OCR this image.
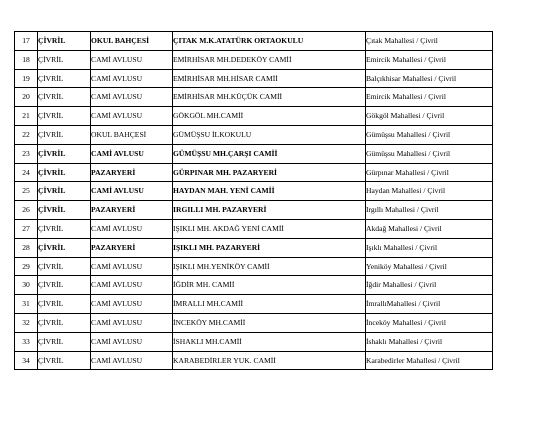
17	ÇİVRİL	OKUL BAHÇESİ	ÇITAK M.K.ATATÜRK ORTAOKULU	Çıtak Mahallesi / Çivril
18	ÇİVRİL	CAMİ AVLUSU	EMİRHİSAR MH.DEDEKÖY CAMİİ	Emircik Mahallesi / Çivril
19	ÇİVRİL	CAMİ AVLUSU	EMİRHİSAR MH.HİSAR CAMİİ	Balçıkhisar Mahallesi / Çivril
20	ÇİVRİL	CAMİ AVLUSU	EMİRHİSAR MH.KÜÇÜK CAMİİ	Emircik Mahallesi / Çivril
21	ÇİVRİL	CAMİ AVLUSU	GÖKGÖL MH.CAMİİ	Gökgöl Mahallesi / Çivril
22	ÇİVRİL	OKUL BAHÇESİ	GÜMÜŞSU İLKOKULU	Gümüşsu Mahallesi / Çivril
23	ÇİVRİL	CAMİ AVLUSU	GÜMÜŞSU MH.ÇARŞI CAMİİ	Gümüşsu Mahallesi / Çivril
24	ÇİVRİL	PAZARYERİ	GÜRPINAR MH. PAZARYERİ	Gürpınar Mahallesi / Çivril
25	ÇİVRİL	CAMİ AVLUSU	HAYDAN MAH. YENİ CAMİİ	Haydan Mahallesi / Çivril
26	ÇİVRİL	PAZARYERİ	IRGILLI MH. PAZARYERİ	Irgıllı Mahallesi / Çivril
27	ÇİVRİL	CAMİ AVLUSU	IŞIKLI MH. AKDAĞ YENİ CAMİİ	Akdağ Mahallesi / Çivril
28	ÇİVRİL	PAZARYERİ	IŞIKLI MH. PAZARYERİ	Işıklı Mahallesi / Çivril
29	ÇİVRİL	CAMİ AVLUSU	IŞIKLI MH.YENİKÖY CAMİİ	Yeniköy Mahallesi / Çivril
30	ÇİVRİL	CAMİ AVLUSU	İĞDİR MH. CAMİİ	İğdir Mahallesi / Çivril
31	ÇİVRİL	CAMİ AVLUSU	İMRALLI MH.CAMİİ	İmrallıMahallesi / Çivril
32	ÇİVRİL	CAMİ AVLUSU	İNCEKÖY MH.CAMİİ	İnceköy Mahallesi / Çivril
33	ÇİVRİL	CAMİ AVLUSU	İSHAKLI MH.CAMİİ	İshaklı Mahallesi / Çivril
34	ÇİVRİL	CAMİ AVLUSU	KARABEDİRLER YUK. CAMİİ	Karabedirler Mahallesi / Çivril
